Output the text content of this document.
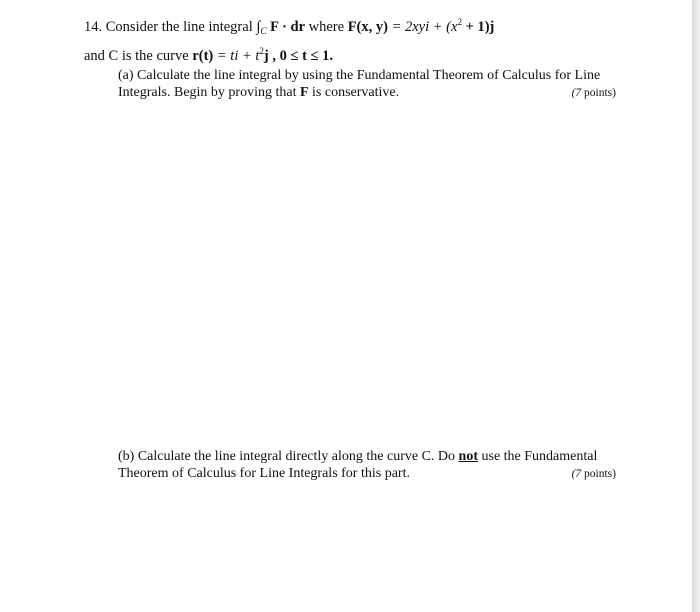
14. Consider the line integral $\int_C$ F · dr where F(x, $y) = 2xyi + (x^2 + 1)j$
and C is the curve r(t) = ti + $t^2j$ , 0 ≤ t ≤ 1.
(a) Calculate the line integral by using the Fundamental Theorem of Calculus for Line
Integrals. Begin by proving that F is conservative.	(7 points)
(b) Calculate the line integral directly along the curve C. Do not use the Fundamental
Theorem of Calculus for Line Integrals for this part.	(7 points)
